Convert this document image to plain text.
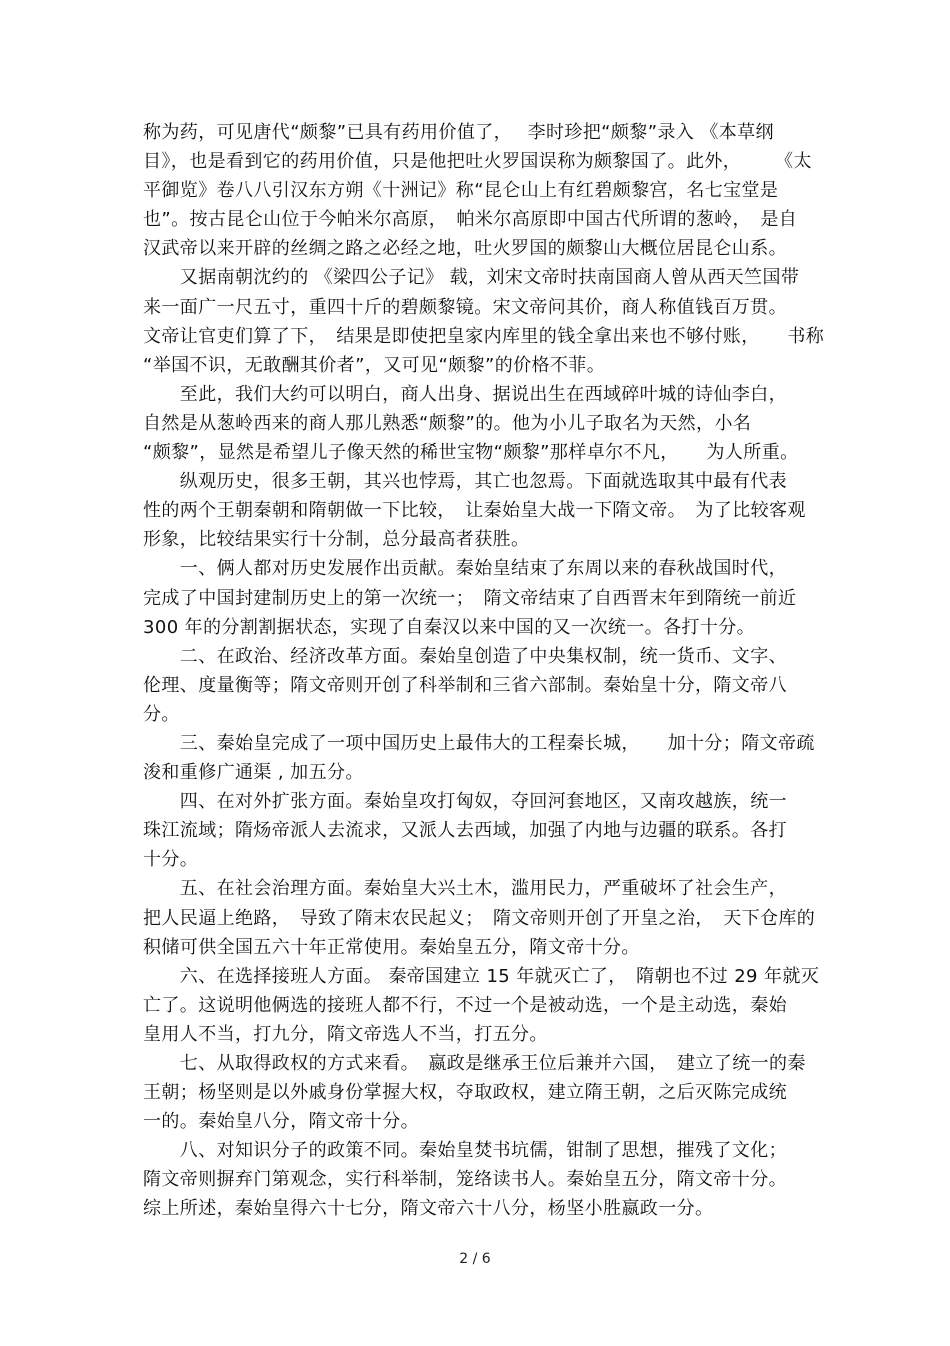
称为药，可见唐代“颇黎”已具有药用价值了，　 李时珍把“颇黎”录入 《本草纲
目》，也是看到它的药用价值，只是他把吐火罗国误称为颇黎国了。此外，　　 《太
平御览》卷八八引汉东方朔《十洲记》称“昆仑山上有红碧颇黎宫，名七宝堂是
也”。按古昆仑山位于今帕米尔高原，　帕米尔高原即中国古代所谓的葱岭，　是自
汉武帝以来开辟的丝绸之路之必经之地，吐火罗国的颇黎山大概位居昆仑山系。
　　又据南朝沈约的 《梁四公子记》 载，刘宋文帝时扶南国商人曾从西天竺国带
来一面广一尺五寸，重四十斤的碧颇黎镜。宋文帝问其价，商人称值钱百万贯。
文帝让官吏们算了下，　结果是即使把皇家内库里的钱全拿出来也不够付账，　　书称
“举国不识，无敢酬其价者”，又可见“颇黎”的价格不菲。
　　至此，我们大约可以明白，商人出身、据说出生在西域碎叶城的诗仙李白，
自然是从葱岭西来的商人那儿熟悉“颇黎”的。他为小儿子取名为天然，小名
“颇黎”，显然是希望儿子像天然的稀世宝物“颇黎”那样卓尔不凡，　　为人所重。
　　纵观历史，很多王朝，其兴也悖焉，其亡也忽焉。下面就选取其中最有代表
性的两个王朝秦朝和隋朝做一下比较，　让秦始皇大战一下隋文帝。　为了比较客观
形象，比较结果实行十分制，总分最高者获胜。
　　一、俩人都对历史发展作出贡献。秦始皇结束了东周以来的春秋战国时代，
完成了中国封建制历史上的第一次统一；　隋文帝结束了自西晋末年到隋统一前近
300 年的分割割据状态，实现了自秦汉以来中国的又一次统一。各打十分。
　　二、在政治、经济改革方面。秦始皇创造了中央集权制，统一货币、文字、
伦理、度量衡等；隋文帝则开创了科举制和三省六部制。秦始皇十分，隋文帝八
分。
　　三、秦始皇完成了一项中国历史上最伟大的工程秦长城，　　加十分；隋文帝疏
浚和重修广通渠 , 加五分。
　　四、在对外扩张方面。秦始皇攻打匈奴，夺回河套地区，又南攻越族，统一
珠江流域；隋炀帝派人去流求，又派人去西域，加强了内地与边疆的联系。各打
十分。
　　五、在社会治理方面。秦始皇大兴土木，滥用民力，严重破坏了社会生产，
把人民逼上绝路，　导致了隋末农民起义；　隋文帝则开创了开皇之治，　天下仓库的
积储可供全国五六十年正常使用。秦始皇五分，隋文帝十分。
　　六、在选择接班人方面。 秦帝国建立 15 年就灭亡了，　隋朝也不过 29 年就灭
亡了。这说明他俩选的接班人都不行，不过一个是被动选，一个是主动选，秦始
皇用人不当，打九分，隋文帝选人不当，打五分。
　　七、从取得政权的方式来看。　嬴政是继承王位后兼并六国，　建立了统一的秦
王朝；杨坚则是以外戚身份掌握大权，夺取政权，建立隋王朝，之后灭陈完成统
一的。秦始皇八分，隋文帝十分。
　　八、对知识分子的政策不同。秦始皇焚书坑儒，钳制了思想，摧残了文化；
隋文帝则摒弃门第观念，实行科举制，笼络读书人。秦始皇五分，隋文帝十分。
综上所述，秦始皇得六十七分，隋文帝六十八分，杨坚小胜嬴政一分。
2 / 6
